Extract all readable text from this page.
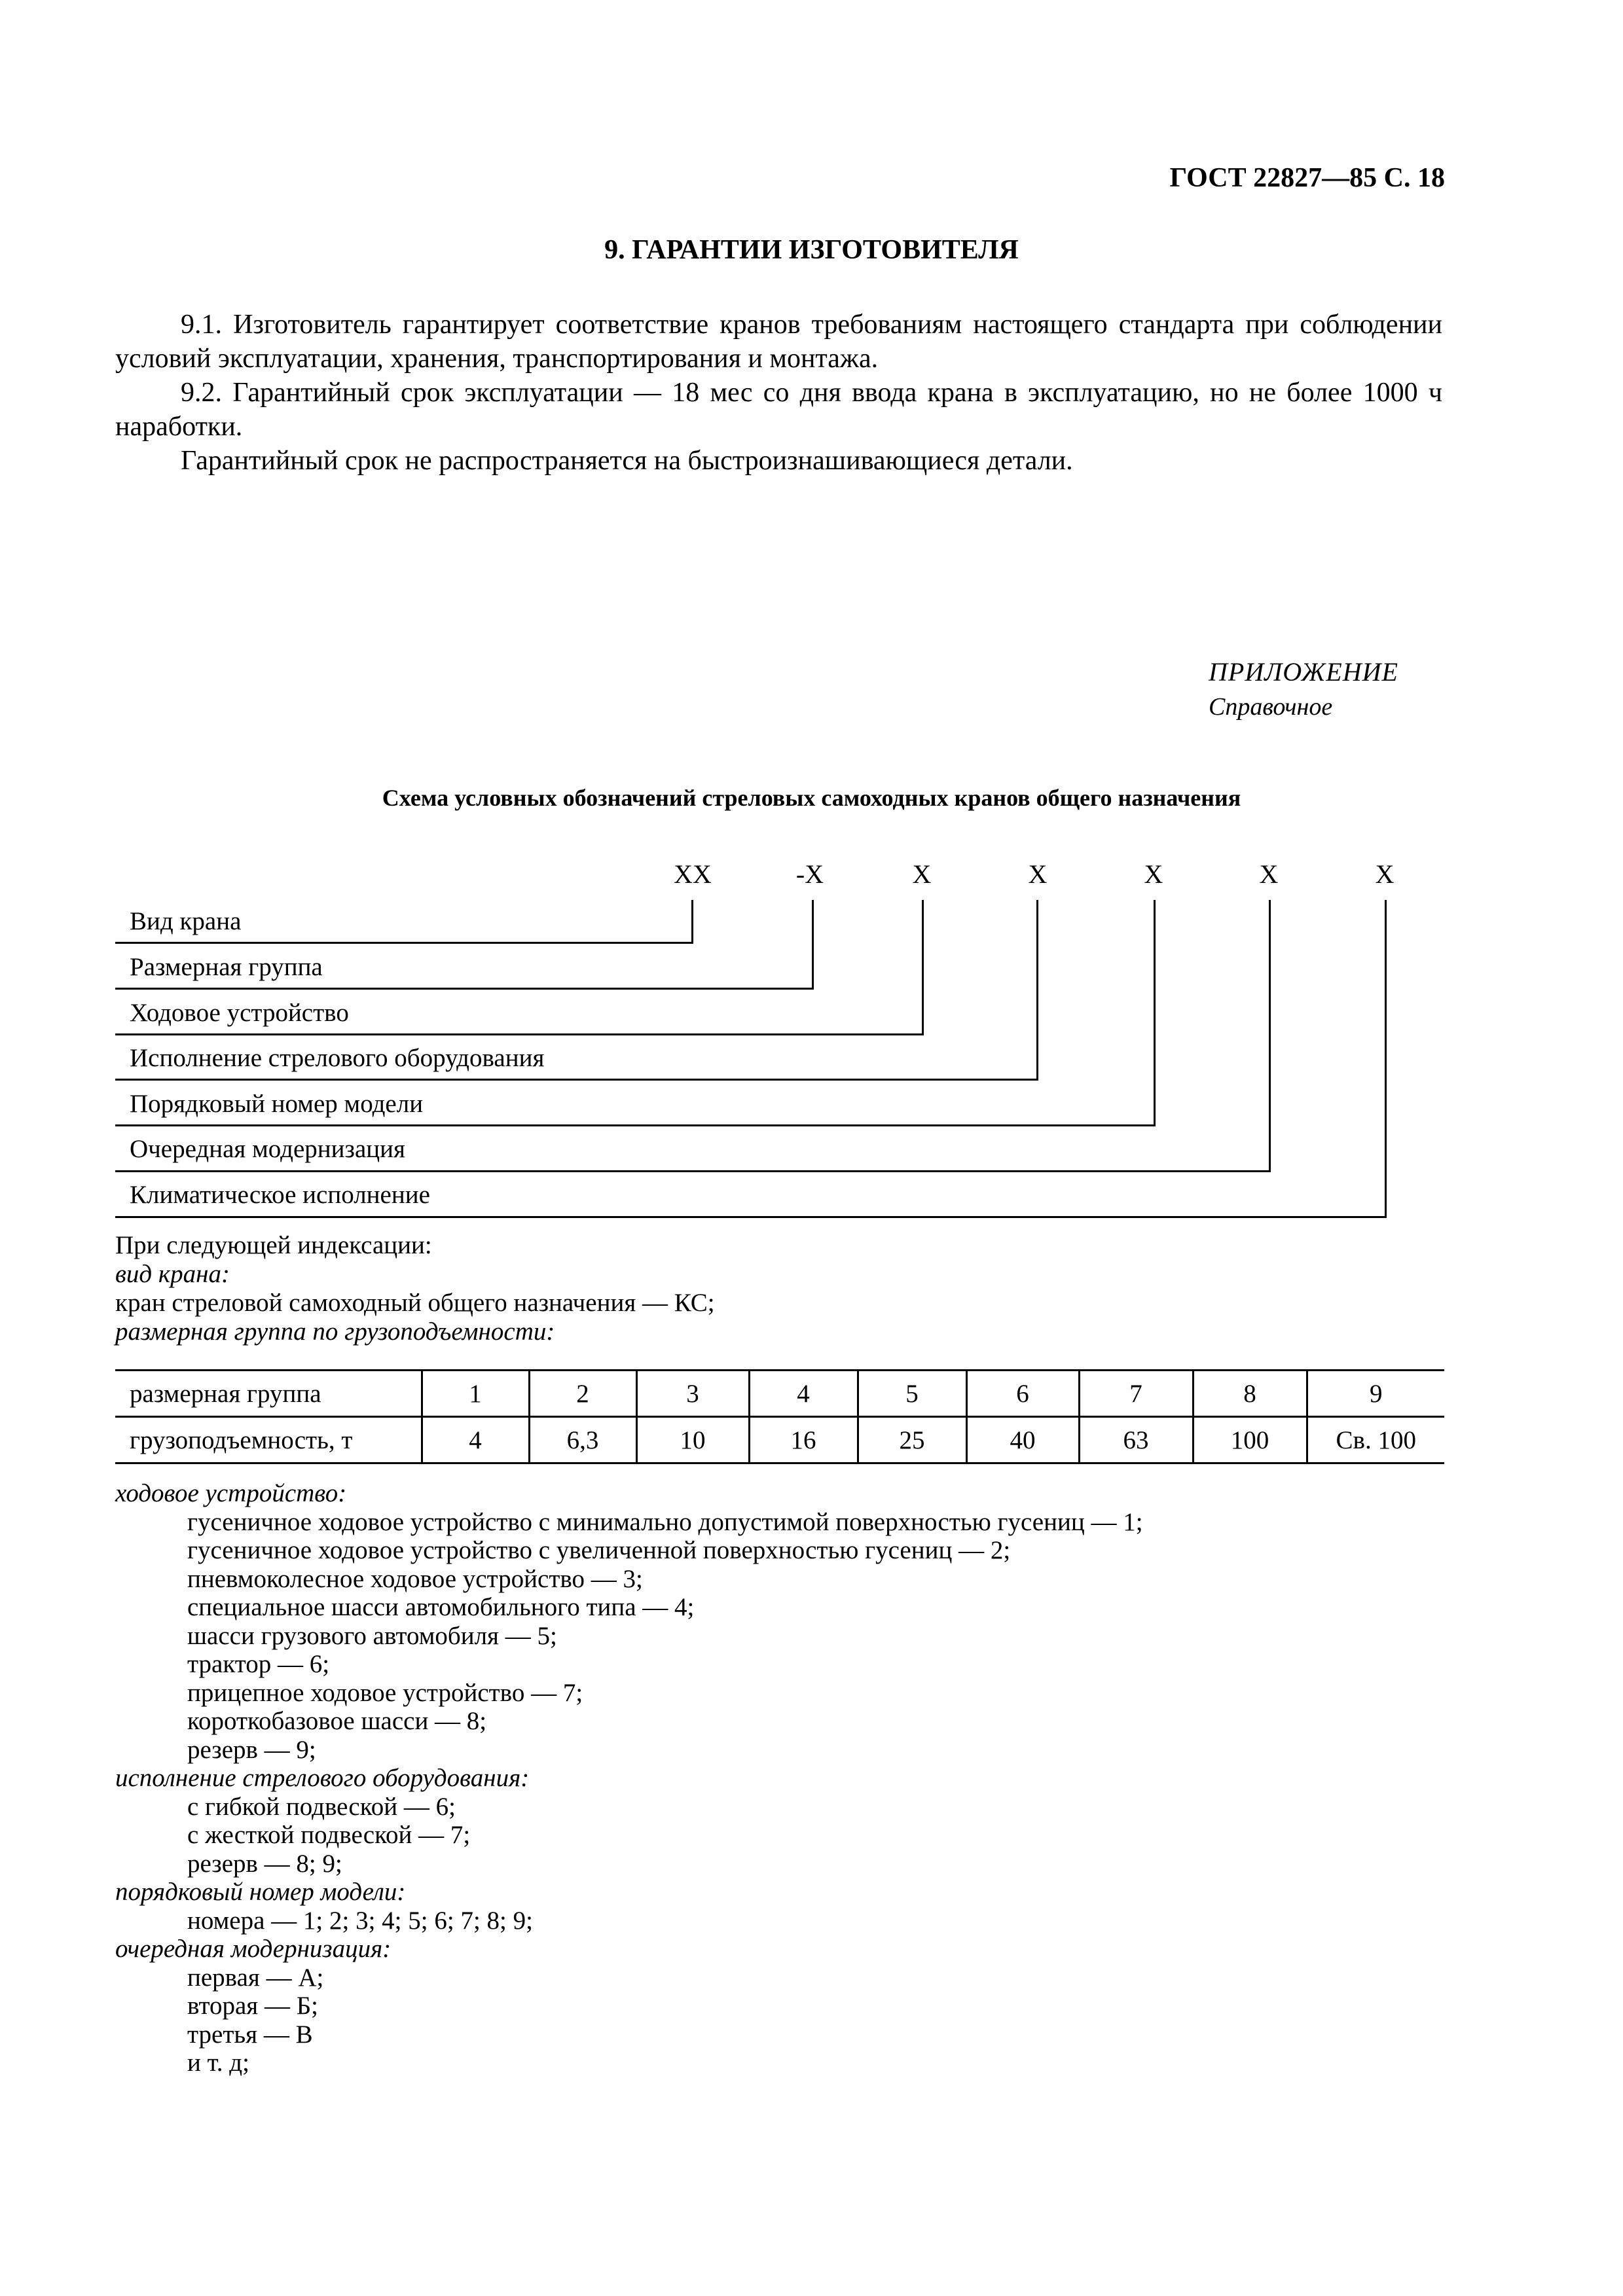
ГОСТ 22827—85 С. 18
9. ГАРАНТИИ ИЗГОТОВИТЕЛЯ

9.1. Изготовитель гарантирует соответствие кранов требованиям настоящего стандарта при соблюдении условий эксплуатации, хранения, транспортирования и монтажа.

9.2. Гарантийный срок эксплуатации — 18 мес со дня ввода крана в эксплуатацию, но не более 1000 ч наработки.

Гарантийный срок не распространяется на быстроизнашивающиеся детали.

ПРИЛОЖЕНИЕ
Справочное
Схема условных обозначений стреловых самоходных кранов общего назначения
XX	-X	X	X	X	X	X
Вид крана
Размерная группа
Ходовое устройство
Исполнение стрелового оборудования
Порядковый номер модели
Очередная модернизация
Климатическое исполнение
При следующей индексации:
вид крана:
кран стреловой самоходный общего назначения — КС;
размерная группа по грузоподъемности:
размерная группа	1	2	3	4	5	6	7	8	9
грузоподъемность, т	4	6,3	10	16	25	40	63	100	Св. 100
ходовое устройство:
гусеничное ходовое устройство с минимально допустимой поверхностью гусениц — 1;
гусеничное ходовое устройство с увеличенной поверхностью гусениц — 2;
пневмоколесное ходовое устройство — 3;
специальное шасси автомобильного типа — 4;
шасси грузового автомобиля — 5;
трактор — 6;
прицепное ходовое устройство — 7;
короткобазовое шасси — 8;
резерв — 9;
исполнение стрелового оборудования:
с гибкой подвеской — 6;
с жесткой подвеской — 7;
резерв — 8; 9;
порядковый номер модели:
номера — 1; 2; 3; 4; 5; 6; 7; 8; 9;
очередная модернизация:
первая — А;
вторая — Б;
третья — В
и т. д;
